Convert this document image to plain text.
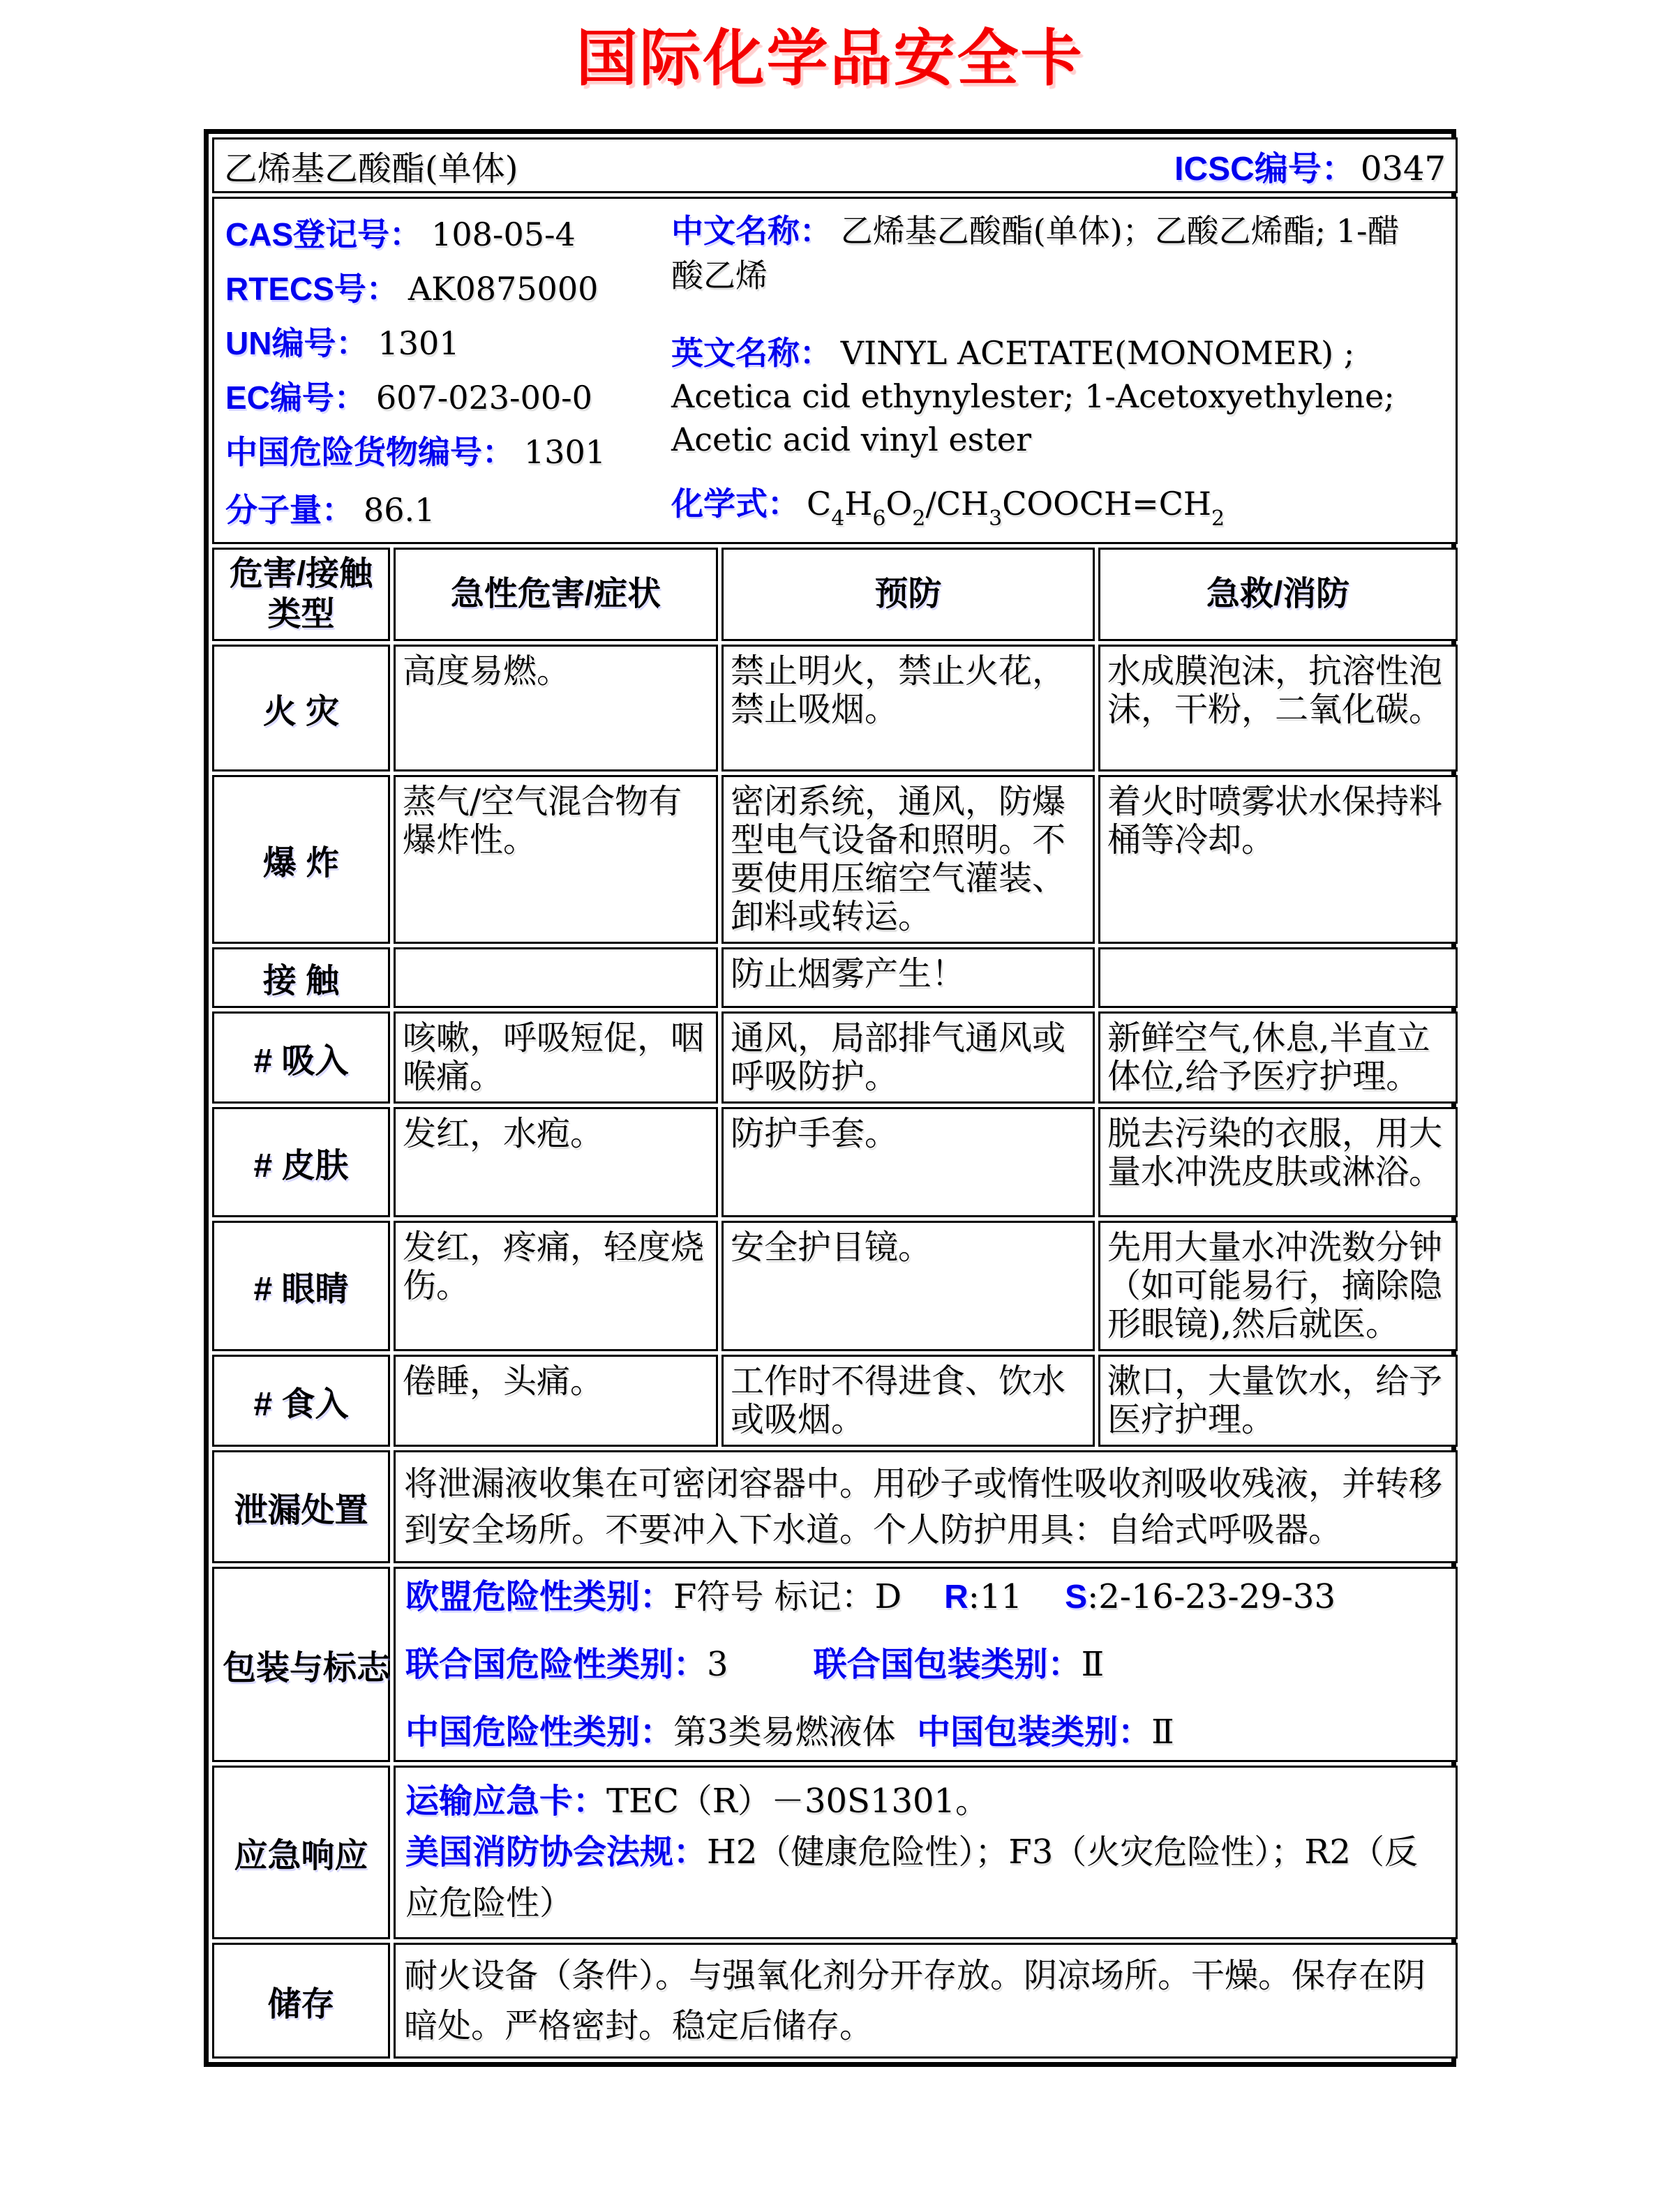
国际化学品安全卡
乙烯基乙酸酯(单体) ICSC编号： 0347			

CAS登记号： 108-05-4
RTECS号： AK0875000
UN编号： 1301
EC编号： 607-023-00-0
中国危险货物编号： 1301
中文名称： 乙烯基乙酸酯(单体)；乙酸乙烯酯; 1-醋酸乙烯
英文名称： VINYL ACETATE(MONOMER) ; Acetica cid ethynylester; 1-Acetoxyethylene; Acetic acid vinyl ester
分子量： 86.1	化学式： $C_4H_6O_2/CH_3COOCH=CH_2$

危害/接触类型	急性危害/症状	预防	急救/消防
火 灾	高度易燃。	禁止明火，禁止火花，禁止吸烟。	水成膜泡沫，抗溶性泡沫，干粉，二氧化碳。
爆 炸	蒸气/空气混合物有爆炸性。	密闭系统，通风，防爆型电气设备和照明。不要使用压缩空气灌装、卸料或转运。	着火时喷雾状水保持料桶等冷却。
接 触		防止烟雾产生！	
# 吸入	咳嗽，呼吸短促，咽喉痛。	通风，局部排气通风或呼吸防护。	新鲜空气,休息,半直立体位,给予医疗护理。
# 皮肤	发红，水疱。	防护手套。	脱去污染的衣服，用大量水冲洗皮肤或淋浴。
# 眼睛	发红，疼痛，轻度烧伤。	安全护目镜。	先用大量水冲洗数分钟（如可能易行，摘除隐形眼镜),然后就医。
# 食入	倦睡，头痛。	工作时不得进食、饮水或吸烟。	漱口，大量饮水，给予医疗护理。
泄漏处置	将泄漏液收集在可密闭容器中。用砂子或惰性吸收剂吸收残液，并转移到安全场所。不要冲入下水道。个人防护用具：自给式呼吸器。		
包装与标志	欧盟危险性类别：F符号 标记：D R:11 S:2-16-23-29-33

联合国危险性类别：3 联合国包装类别：Ⅱ

中国危险性类别：第3类易燃液体 中国包装类别：Ⅱ		

应急响应	运输应急卡：TEC（R）－30S1301。
美国消防协会法规：H2（健康危险性）；F3（火灾危险性）；R2（反应危险性）		

储存	耐火设备（条件）。与强氧化剂分开存放。阴凉场所。干燥。保存在阴暗处。严格密封。稳定后储存。		
